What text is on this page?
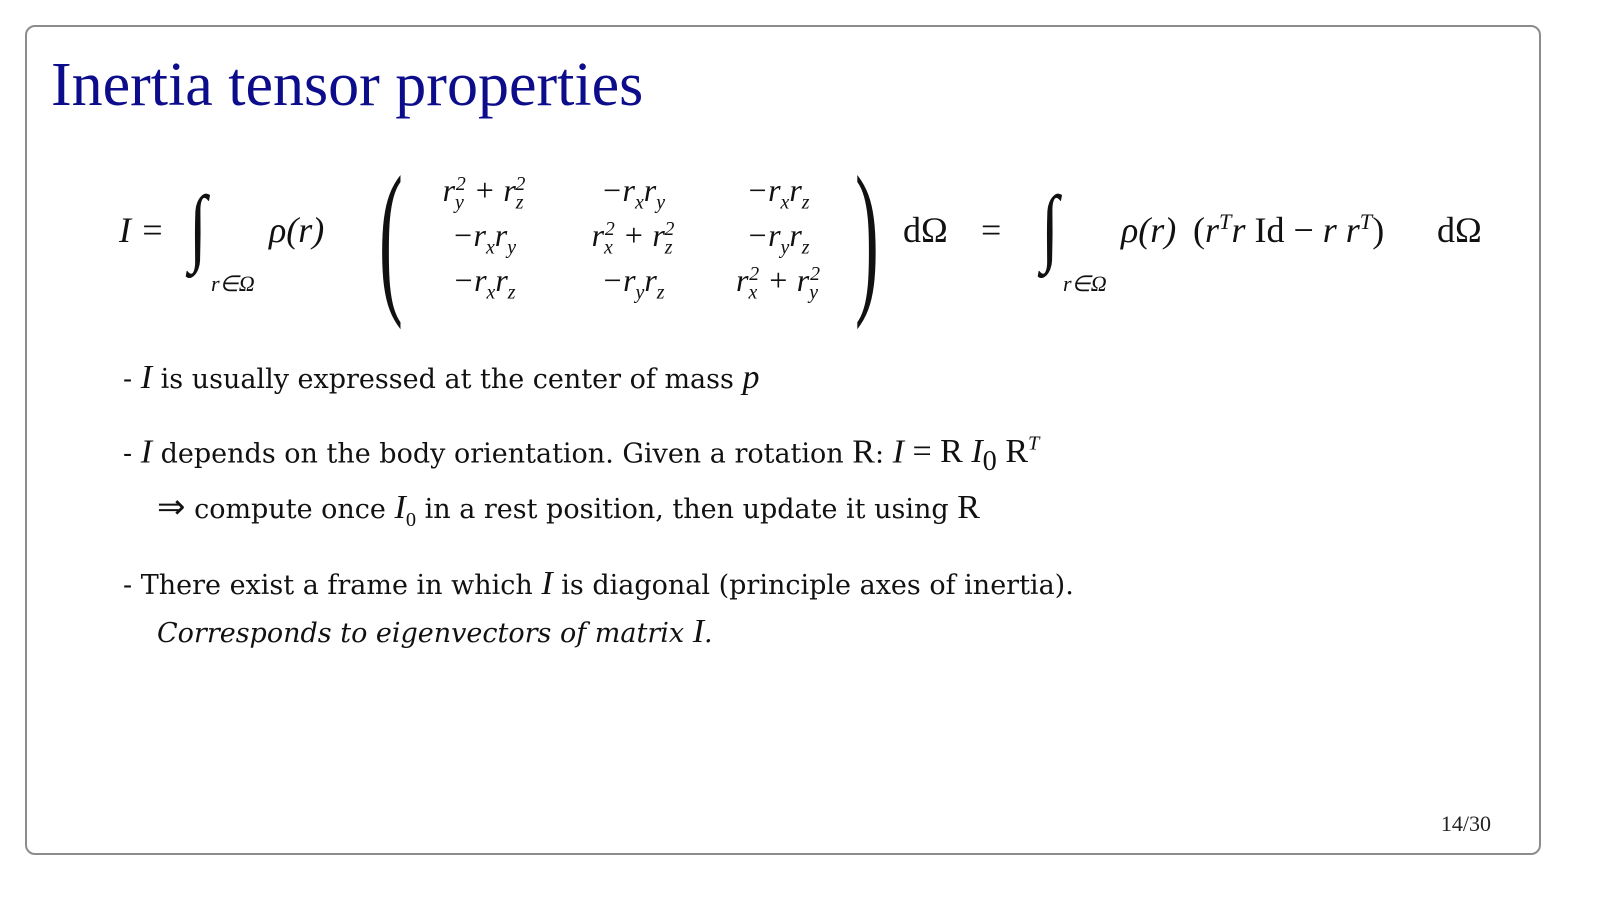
Inertia tensor properties
I = ∫
r∈Ω
ρ(r) ( $r_y^2 + r_z^2 -r_xr_y$	$-r_xr_z$
$-r_xr_y$ $r_x^2 + r_z^2 -r_yr_z$
$-r_xr_z$	$-r_yr_z$ $r_x^2 + r_y^2$ ) dΩ = ∫
r∈Ω
ρ(r) ($r^Tr$ Id − r $r^T$) dΩ
- I is usually expressed at the center of mass p
- I depends on the body orientation. Given a rotation R: I = R $I_0$ $R^T$
⇒ compute once $I_0$ in a rest position, then update it using R
- There exist a frame in which I is diagonal (principle axes of inertia).
Corresponds to eigenvectors of matrix I.
14/30
